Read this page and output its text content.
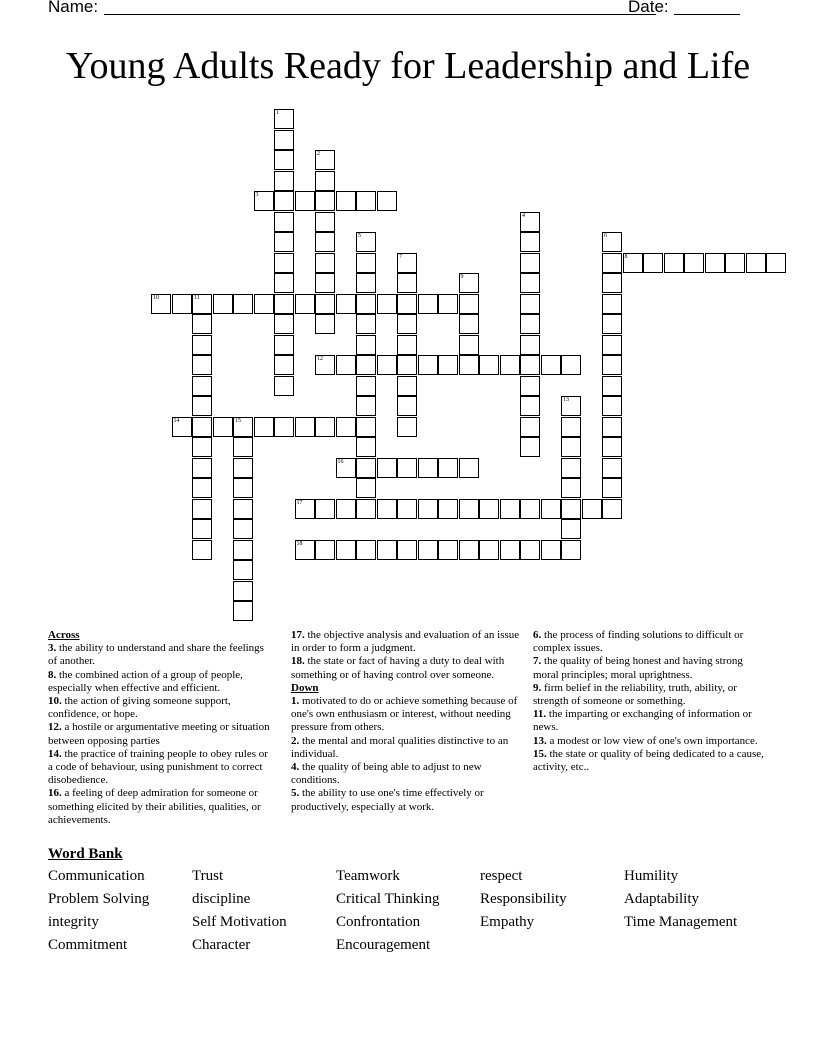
Name:	Date:
Young Adults Ready for Leadership and Life
3
8
10	11
12
14	15
16
17
18
1
2
4
5	6
7
9
13
Across

3. the ability to understand and share the feelings of another.

8. the combined action of a group of people, especially when effective and efficient.

10. the action of giving someone support, confidence, or hope.

12. a hostile or argumentative meeting or situation between opposing parties

14. the practice of training people to obey rules or a code of behaviour, using punishment to correct disobedience.

16. a feeling of deep admiration for someone or something elicited by their abilities, qualities, or achievements.

17. the objective analysis and evaluation of an issue in order to form a judgment.

18. the state or fact of having a duty to deal with something or of having control over someone.

Down

1. motivated to do or achieve something because of one's own enthusiasm or interest, without needing pressure from others.

2. the mental and moral qualities distinctive to an individual.

4. the quality of being able to adjust to new conditions.

5. the ability to use one's time effectively or productively, especially at work.

6. the process of finding solutions to difficult or complex issues.

7. the quality of being honest and having strong moral principles; moral uprightness.

9. firm belief in the reliability, truth, ability, or strength of someone or something.

11. the imparting or exchanging of information or news.

13. a modest or low view of one's own importance.

15. the state or quality of being dedicated to a cause, activity, etc..

Word Bank
Communication	Trust	Teamwork	respect	Humility
Problem Solving	discipline	Critical Thinking	Responsibility	Adaptability
integrity	Self Motivation	Confrontation	Empathy	Time Management
Commitment	Character	Encouragement
